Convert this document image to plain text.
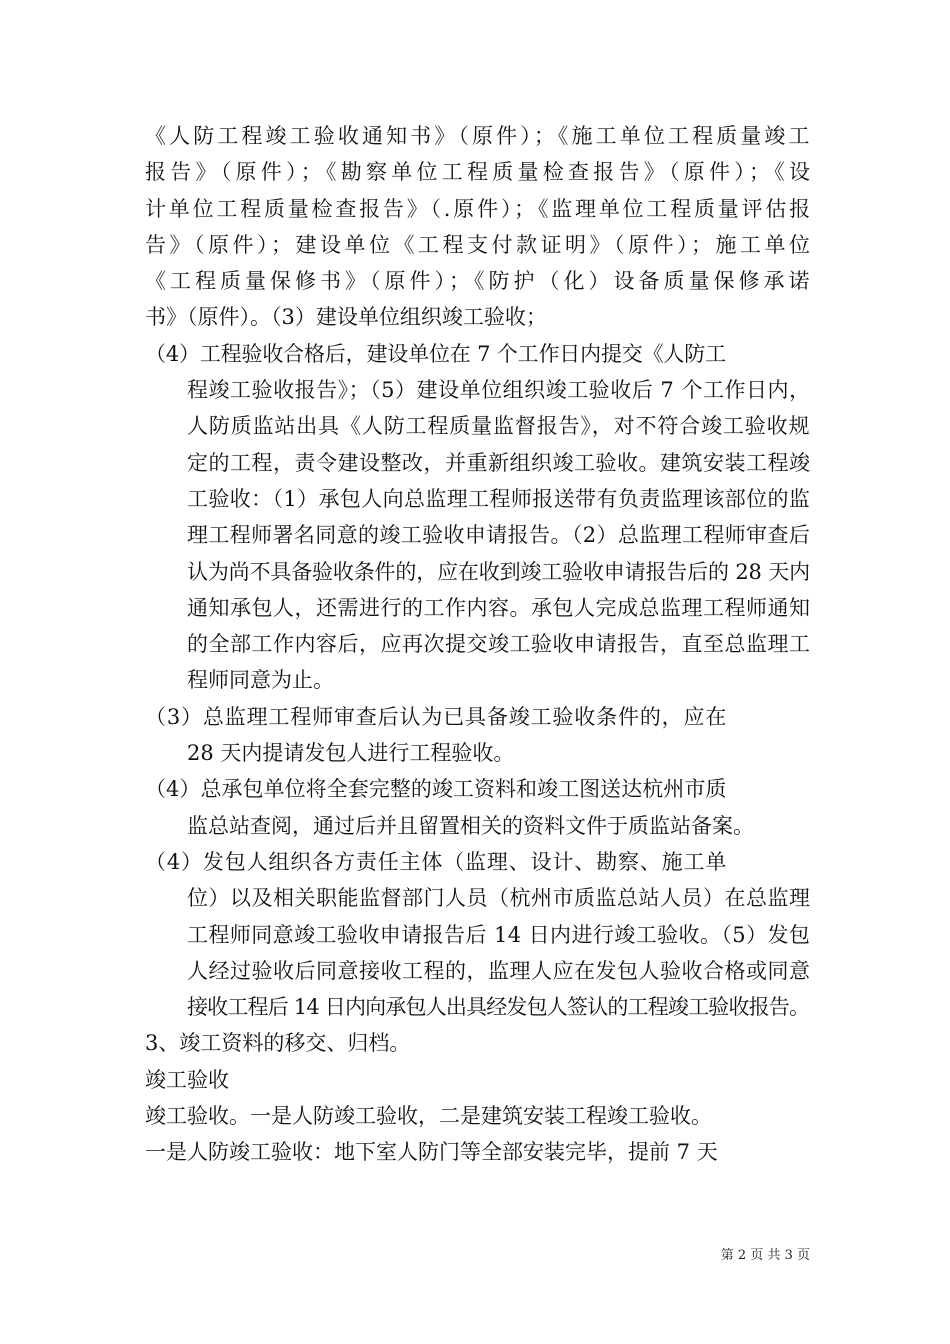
《人防工程竣工验收通知书》（原件）；《施工单位工程质量竣工
报告》（原件）；《勘察单位工程质量检查报告》（原件）；《设
计单位工程质量检查报告》（.原件）；《监理单位工程质量评估报
告》（原件）；建设单位《工程支付款证明》（原件）；施工单位
《工程质量保修书》（原件）；《防护（化）设备质量保修承诺
书》（原件）。（3）建设单位组织竣工验收；
（4）工程验收合格后，建设单位在 7 个工作日内提交《人防工
程竣工验收报告》；（5）建设单位组织竣工验收后 7 个工作日内，
人防质监站出具《人防工程质量监督报告》，对不符合竣工验收规
定的工程，责令建设整改，并重新组织竣工验收。建筑安装工程竣
工验收：（1）承包人向总监理工程师报送带有负责监理该部位的监
理工程师署名同意的竣工验收申请报告。（2）总监理工程师审查后
认为尚不具备验收条件的，应在收到竣工验收申请报告后的 28 天内
通知承包人，还需进行的工作内容。承包人完成总监理工程师通知
的全部工作内容后，应再次提交竣工验收申请报告，直至总监理工
程师同意为止。
（3）总监理工程师审查后认为已具备竣工验收条件的，应在
28 天内提请发包人进行工程验收。
（4）总承包单位将全套完整的竣工资料和竣工图送达杭州市质
监总站查阅，通过后并且留置相关的资料文件于质监站备案。
（4）发包人组织各方责任主体（监理、设计、勘察、施工单
位）以及相关职能监督部门人员（杭州市质监总站人员）在总监理
工程师同意竣工验收申请报告后 14 日内进行竣工验收。（5）发包
人经过验收后同意接收工程的，监理人应在发包人验收合格或同意
接收工程后 14 日内向承包人出具经发包人签认的工程竣工验收报告。
3、竣工资料的移交、归档。
竣工验收
竣工验收。一是人防竣工验收，二是建筑安装工程竣工验收。
一是人防竣工验收：地下室人防门等全部安装完毕，提前 7 天
第 2 页 共 3 页
